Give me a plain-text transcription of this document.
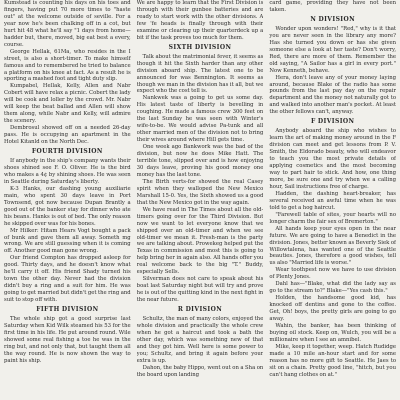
Kumstead is counting his days on his toes and fingers, having put 70 more times to "haste out" at the welcome outside of seville. For a year now he's been chalking off in a cot, but hurt hit 48 what he'll say "1 days from home—hadder but, there, moved, big eat best a every, course.

George Hellak, 61Ma, who resides in the I street, is also a short-timer. To make himself famous and to remembered he tried to balance a platform on his knee at fact. As a result he is sporting a mashed foot and tight duty slip.

Kumpabel, Hellak, Kelly, Allen and Nabr Cobert will have relax a picnic. Cobert the lady will be cook and loller by the crowd. Mr. Nabr will keep the beat ballad and Allen will show them along, while Nabr and Kelly, will admire the scenery.

Dembrosul showed off on a needed 26-day pass. He is occupying an apartment in the Hotel Kitanld on the North Dec.

FOURTH DIVISION

If anybody in the ship's company wants their shoes shined see F. O. Oliver. He is the bird who makes a 4¢ by shining shoes. He was seen in Seattle during Saturday's liberty.

K-3 Hanks, our dashing young auxiliarie main, who spent 30 days leave in Port Townsend, got now because Dupan Brantly a good out of the banker stay for dinner who ate his beans. Hanks is out of bed. The only reason he skipped over was for his bones.

Mr Hilker: Hitam Hears Vogt bought a pack of bunk and gave them all away. Someth mg wrong. We are still guessing when it is coming off. Another good man gone wrong.

Our friend Compton has dropped asleep for good. Thirty days, and he doesn't know what he'll carry it off. His friend Shady turned his town the other day. Never had the division didn't buy a ring and a suit for him. He was going to get married but didn't get the ring and suit to stop off with.

FIFTH DIVISION

The whole ship got a good surprise last Saturday when Kid Wilk steamed his 53 for the first time in his life. He put around round. Wile showed some real fishing a toe he was in the ring but, and not only that, but taught them all the way round. He is now shown the way to paint his ship.

We are happy to learn that the First Division is through with their gunbee batteries and are ready to start work with the other divisions. A few 'fe heads is finally through with their examine or clearing up their quarterdeck up a bit if the task proves too much for them.

SIXTH DIVISION

Talk about the matrimonial fever, it seems as though it hit the Sixth harder than any other division aboard ship. The latest one to be announced for was Bennington. It seems as though we man in the division has it all, but we expect who the cost tell is.

Nankwek was a going to get us some day. His latest taste of liberty is bevelling in coughing. He made a famous crew 300 feet on the last Sunday he was seen with Winter's wife-to-be. We would advise Pa-tunk and all other married men of the division not to bring their wives around where Hill gets time.

One week ago Bankwork was the bad of the division, but now he does Mike Hatt. The terrible tone, slipped over and is how enjoying 30 days leave, proving his good money one money has the last tone.

The Birth verts-for showed the real Casey spirit when they walloped the New Mexico Marshall 15-0. Yes, the Sixth showed us a good that the New Mexico got in the way again.

We have read in The Times about all the old-timers going over for the Third Division. But now we want to let everyone know that we shipped over an old-timer and when we see old-timer we mean it. Fresh-man is the party we are talking about. Prowekeg helped put the Texas in commission and most this is going to help bring her in again also. All hands offer you real welcome back to the big "T." Buddy, especially Sells.

Silverman does not care to speak about his boat last Saturday night but will try and prove he is out of the quitting kind in the next fight in the near future.

R DIVISION

Schultz, the man of many colors, enjoyed the whole division and practically the whole crew when he got a haircut and took a bath the other day, which was something new of that and they got him. Well here is some power to you; Schultz, and bring it again before your extra is up.

Dahon, the baby Hippo, went out on a Sha on the board upon landing

card game, providing they have not been taken.

N DIVISION

Wonder upon wonders! "Red," why is it that you are never seen in the library any more? Has she turned you down or has she given someone else a look at her taste? Don't worry, Red, there are more of them. Remember the old saying, "A Sailor has a girl in every port." Now Kenneth, behave.

Hera, don't leave any of your money laying around, because Blake of the radio has some pounds from the last pay day on the repair department and the money not naturally got to and walked into another man's pocket. At least the other fellows can't, anyway.

F DIVISION

Anybody aboard the ship who wishes to learn the art of making money around in the F division can meet and get lessons from P. V. Smith, the Eldorado beauty, who will endeavor to teach you the most private details of applying cosmetics and the most becoming way to part hair to stick. And how, one thing more, be sure one and try when we a calling hour, Sail instructions free of charge.

Hadden, the dashing heart-breaker, has several received an awful time when he was told to get a hog haircut.

"Farewell table of sites, your hearts will no longer charm the fair sex of Bremerton."

All hands keep your eyes open in the near future. We are going to have a Benedict in the division. Jones, better known as Beverly Siek of Willowtalena, has wanted one of the Seattle beauties. Jones, therefore a good wishes, tell us also "Married life is worse."

Wear toothpest now we have to use division of Plenty Jones.

Dahl has—"Blake, what did the lady say as go to the stream to?" Blake—"Yes cash this."

Holden, the handsome good kid, has knocked off dentins and gone to the coffee. Get, Oh! boys, the pretty girls are going to go away.

Wahin, the banker, has been thinking of buying oil stock. Keep on, Wulch, you will be a millionaire when I see an amnibel.

Mike, keep it together, weep. Hatch Rudidge made a 10 mile an-hour start and for some reason has no more gift to Seattle. He Jaes to sit on a chain. Pretty good line, "hitch, but you can't hang clothes on at."
